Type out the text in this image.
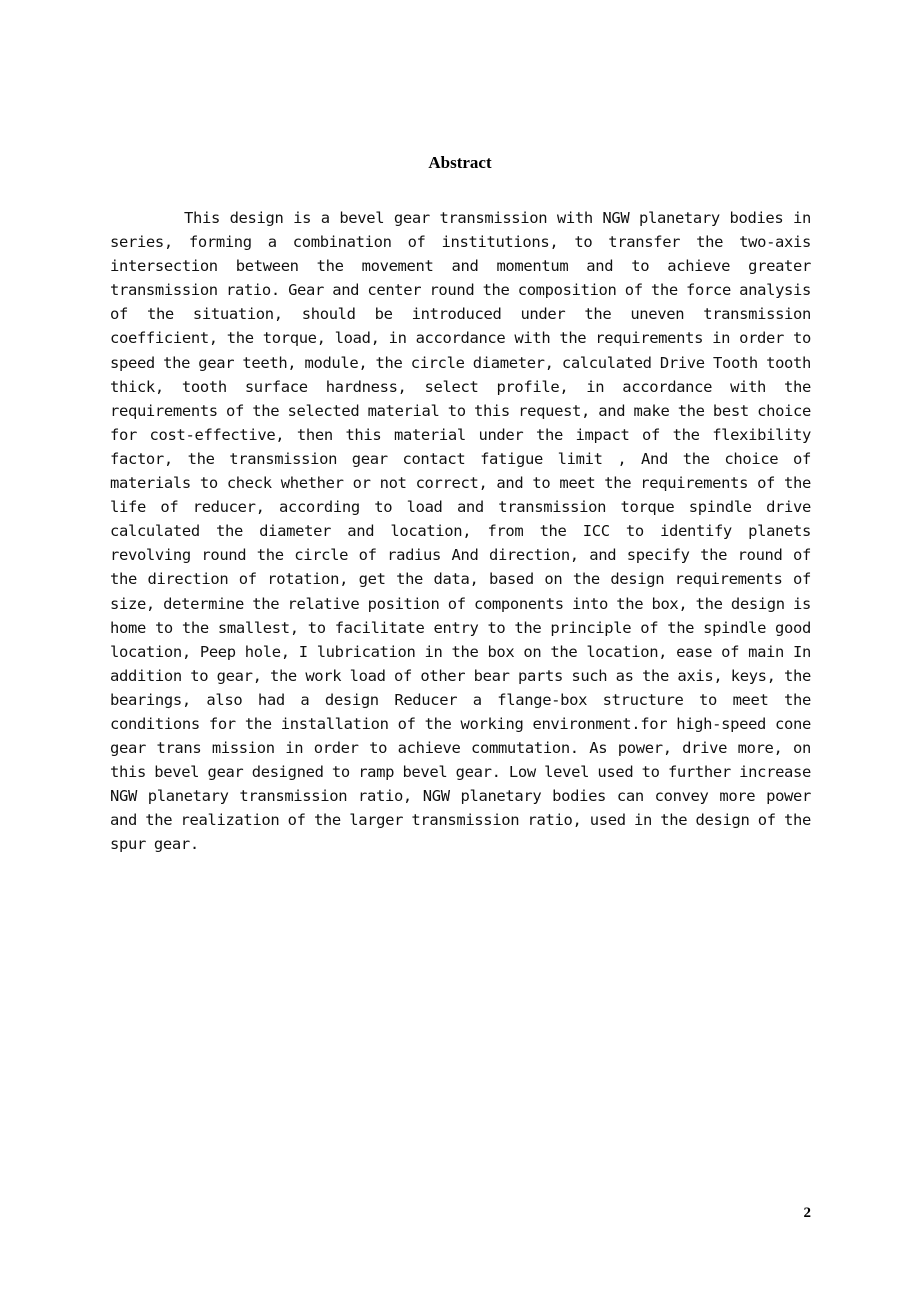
Abstract

This design is a bevel gear transmission with NGW planetary bodies in series, forming a combination of institutions, to transfer the two-axis intersection between the movement and momentum and to achieve greater transmission ratio. Gear and center round the composition of the force analysis of the situation, should be introduced under the uneven transmission coefficient, the torque, load, in accordance with the requirements in order to speed the gear teeth, module, the circle diameter, calculated Drive Tooth tooth thick, tooth surface hardness, select profile, in accordance with the requirements of the selected material to this request, and make the best choice for cost-effective, then this material under the impact of the flexibility factor, the transmission gear contact fatigue limit , And the choice of materials to check whether or not correct, and to meet the requirements of the life of reducer, according to load and transmission torque spindle drive calculated the diameter and location, from the ICC to identify planets revolving round the circle of radius And direction, and specify the round of the direction of rotation, get the data, based on the design requirements of size, determine the relative position of components into the box, the design is home to the smallest, to facilitate entry to the principle of the spindle good location, Peep hole, I lubrication in the box on the location, ease of main In addition to gear, the work load of other bear parts such as the axis, keys, the bearings, also had a design Reducer a flange-box structure to meet the conditions for the installation of the working environment.for high-speed cone gear trans mission in order to achieve commutation. As power, drive more, on this bevel gear designed to ramp bevel gear. Low level used to further increase NGW planetary transmission ratio, NGW planetary bodies can convey more power and the realization of the larger transmission ratio, used in the design of the spur gear.

2
